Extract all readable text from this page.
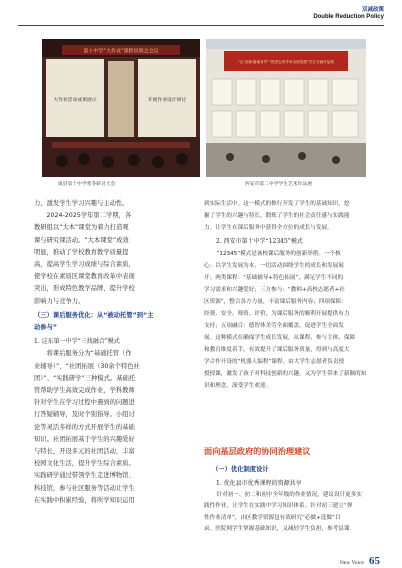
双减政策
Double Reduction Policy
第十中学“大作业”课程说明会会议
大作业活动成果展示	开展作业设计研讨
“让‘双减’落地有声”“推进五育并举全面发展”学生书画作品展
康县第十中学寒冬研讨大会	西安市第二中学学生艺术作品展

力，激发学生学习兴趣与主动性。

2024-2025学年第二学期，各

教研组以“大本”课堂为着力打造观

课与研究课活动。“大本课堂”成效

明显，推动了学校教育教学质量提

高，提高学生学习成绩与综合素质，

使学校在素质区课堂教育改革中表现

突出，形成特色教学品牌，提升学校

影响力与竞争力。

（三）课后服务优化：从“被动托管”到“主动参与”

1. 这东第一中学“三找融合”模式

将课后服务分为“基础托管（作

业辅导）”、“社团拓展（30余个特色社

团）”、“实践研学”三种模式。基础托

管帮助学生高效完成作业，学科教师

针对学生在学习过程中遇到的问题进

行答疑辅导，及时个别指导。小组讨

论等灵活多样的方式开展学生的基础

知识。社团拓展基于学生的兴趣爱好

与特长，开设多元的社团活动，丰富

校园文化生活，提升学生综合素质。

实践研学通过带领学生走进博物馆、

科技馆，参与社区服务等活动让学生

在实践中积累经验，将所学知识运用

到实际生活中。这一模式的推行开发了学生的基础知识，挖

掘了学生的兴趣与特长，锻炼了学生的社会责任感与实践能

力。让学生在课后服务中获得全方位的成长与发展。

2. 西安市第十中学“12345”模式

“12345”模式是该校课后服务的创新举措。一个核

心：以学生发展为本，一切活动围绕学生的成长和发展展

开；两类课程：“基础辅导+特色拓展”，满足学生不同的

学习需求和兴趣爱好；三方参与：“教师+高校志愿者+社

区资源”，整合各方力量，丰富课后服务内容；四项保障：

经费、安全、师资、评价，为课后服务的顺利开展提供有力

支持；五项融合：德智体美劳全面覆盖，促进学生全面发

展。这种模式在确保学生成长发展，从课程、参与主体、保障

和教育维度着手，有效提升了课后服务质量，得到与高度大

学合作开设的“机器人编程”课程，由大学生志愿者负责授

授授课，激发了孩子对科技创新的兴趣，又为学生带来了新颖的知

识和理念，深受学生欢迎。

面向基层政府的协同治理建议
（一）优化制度设计

1. 优化县市优秀课程的资源共享

针对初一、初二和初中全年级的作业情况，建议设计更多实

践性作业，让学生在实践中学习知识体系。针对初三建立“弹

性作业清单”，由区教学资源包有效研究“必做+选做”目

录。医院网学生掌握基础知识，又减轻学生负担，参考县课

New Voice 65
